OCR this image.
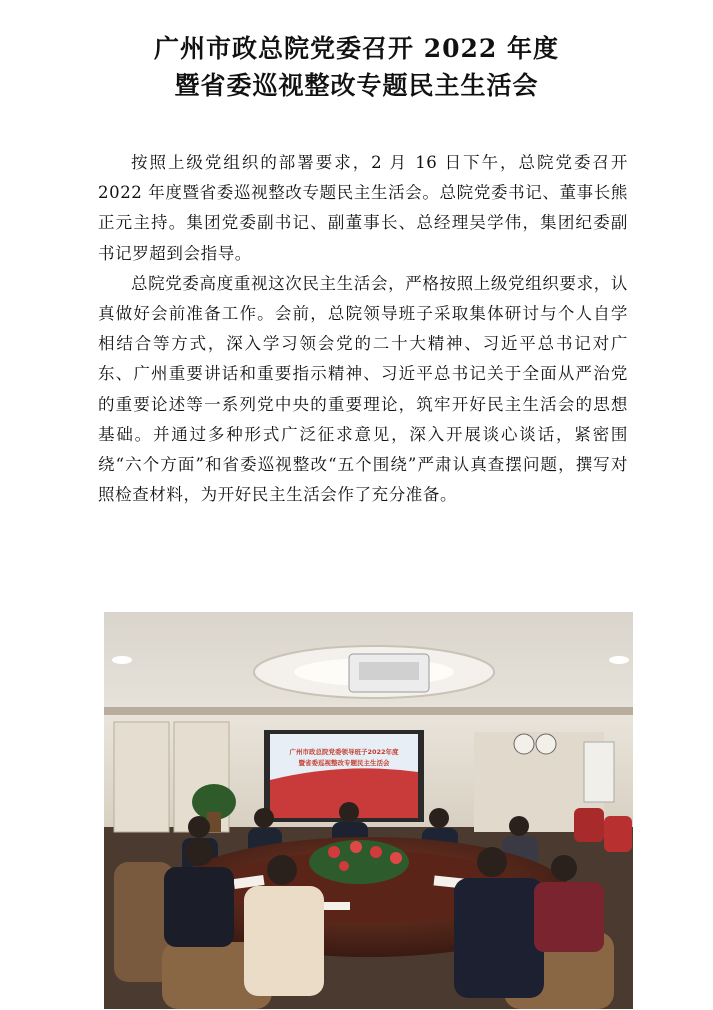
广州市政总院党委召开 2022 年度
暨省委巡视整改专题民主生活会

按照上级党组织的部署要求，2 月 16 日下午，总院党委召开 2022 年度暨省委巡视整改专题民主生活会。总院党委书记、董事长熊正元主持。集团党委副书记、副董事长、总经理吴学伟，集团纪委副书记罗超到会指导。

总院党委高度重视这次民主生活会，严格按照上级党组织要求，认真做好会前准备工作。会前，总院领导班子采取集体研讨与个人自学相结合等方式，深入学习领会党的二十大精神、习近平总书记对广东、广州重要讲话和重要指示精神、习近平总书记关于全面从严治党的重要论述等一系列党中央的重要理论，筑牢开好民主生活会的思想基础。并通过多种形式广泛征求意见，深入开展谈心谈话，紧密围绕“六个方面”和省委巡视整改“五个围绕”严肃认真查摆问题，撰写对照检查材料，为开好民主生活会作了充分准备。

广州市政总院党委领导班子2022年度
暨省委巡视整改专题民主生活会
